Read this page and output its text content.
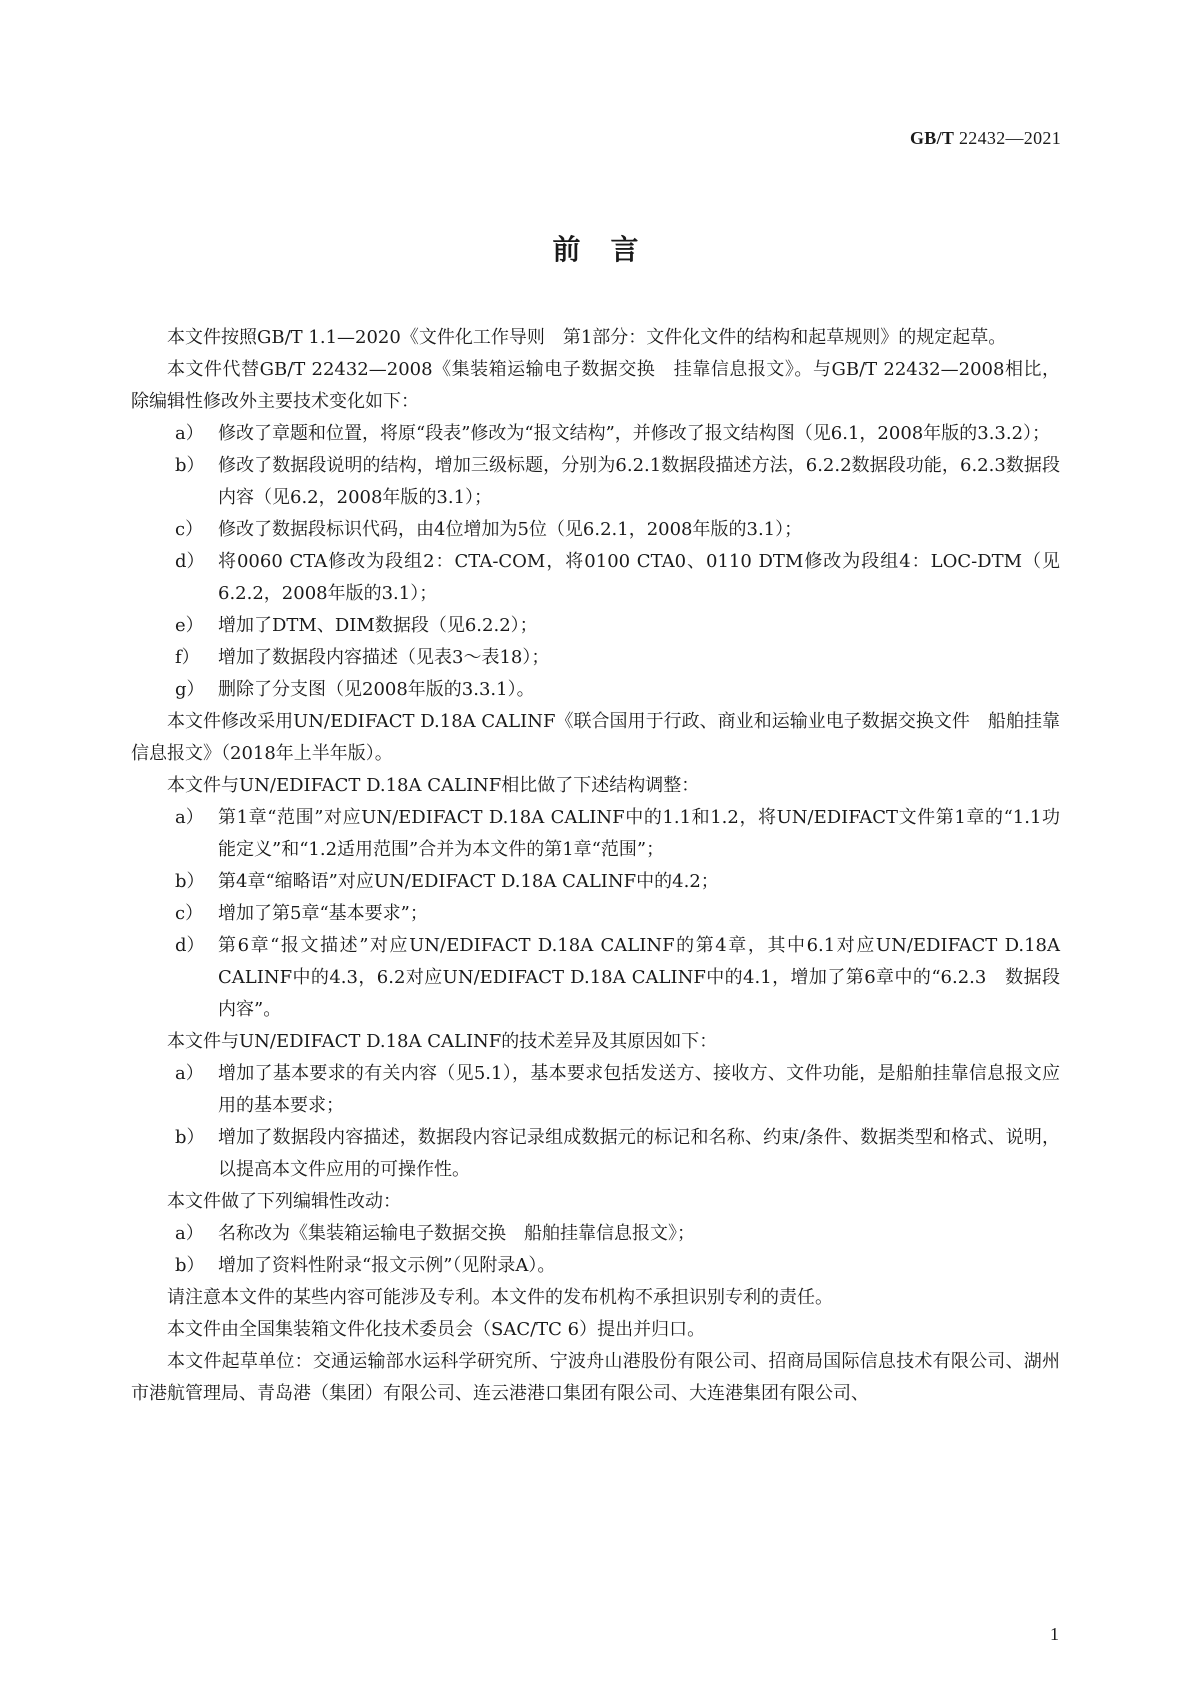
GB/T 22432—2021
前言

本文件按照GB/T 1.1—2020《文件化工作导则　第1部分：文件化文件的结构和起草规则》的规定起草。

本文件代替GB/T 22432—2008《集装箱运输电子数据交换　挂靠信息报文》。与GB/T 22432—2008相比，除编辑性修改外主要技术变化如下：

a） 修改了章题和位置，将原“段表”修改为“报文结构”，并修改了报文结构图（见6.1，2008年版的3.3.2）；

b） 修改了数据段说明的结构，增加三级标题，分别为6.2.1数据段描述方法，6.2.2数据段功能，6.2.3数据段内容（见6.2，2008年版的3.1）；

c） 修改了数据段标识代码，由4位增加为5位（见6.2.1，2008年版的3.1）；

d） 将0060 CTA修改为段组2：CTA-COM，将0100 CTA0、0110 DTM修改为段组4：LOC-DTM（见6.2.2，2008年版的3.1）；

e） 增加了DTM、DIM数据段（见6.2.2）；

f） 增加了数据段内容描述（见表3～表18）；

g） 删除了分支图（见2008年版的3.3.1）。

本文件修改采用UN/EDIFACT D.18A CALINF《联合国用于行政、商业和运输业电子数据交换文件　船舶挂靠信息报文》（2018年上半年版）。

本文件与UN/EDIFACT D.18A CALINF相比做了下述结构调整：

a） 第1章“范围”对应UN/EDIFACT D.18A CALINF中的1.1和1.2，将UN/EDIFACT文件第1章的“1.1功能定义”和“1.2适用范围”合并为本文件的第1章“范围”；

b） 第4章“缩略语”对应UN/EDIFACT D.18A CALINF中的4.2；

c） 增加了第5章“基本要求”；

d） 第6章“报文描述”对应UN/EDIFACT D.18A CALINF的第4章，其中6.1对应UN/EDIFACT D.18A CALINF中的4.3，6.2对应UN/EDIFACT D.18A CALINF中的4.1，增加了第6章中的“6.2.3　数据段内容”。

本文件与UN/EDIFACT D.18A CALINF的技术差异及其原因如下：

a） 增加了基本要求的有关内容（见5.1），基本要求包括发送方、接收方、文件功能，是船舶挂靠信息报文应用的基本要求；

b） 增加了数据段内容描述，数据段内容记录组成数据元的标记和名称、约束/条件、数据类型和格式、说明，以提高本文件应用的可操作性。

本文件做了下列编辑性改动：

a） 名称改为《集装箱运输电子数据交换　船舶挂靠信息报文》；

b） 增加了资料性附录“报文示例”（见附录A）。

请注意本文件的某些内容可能涉及专利。本文件的发布机构不承担识别专利的责任。

本文件由全国集装箱文件化技术委员会（SAC/TC 6）提出并归口。

本文件起草单位：交通运输部水运科学研究所、宁波舟山港股份有限公司、招商局国际信息技术有限公司、湖州市港航管理局、青岛港（集团）有限公司、连云港港口集团有限公司、大连港集团有限公司、

1
